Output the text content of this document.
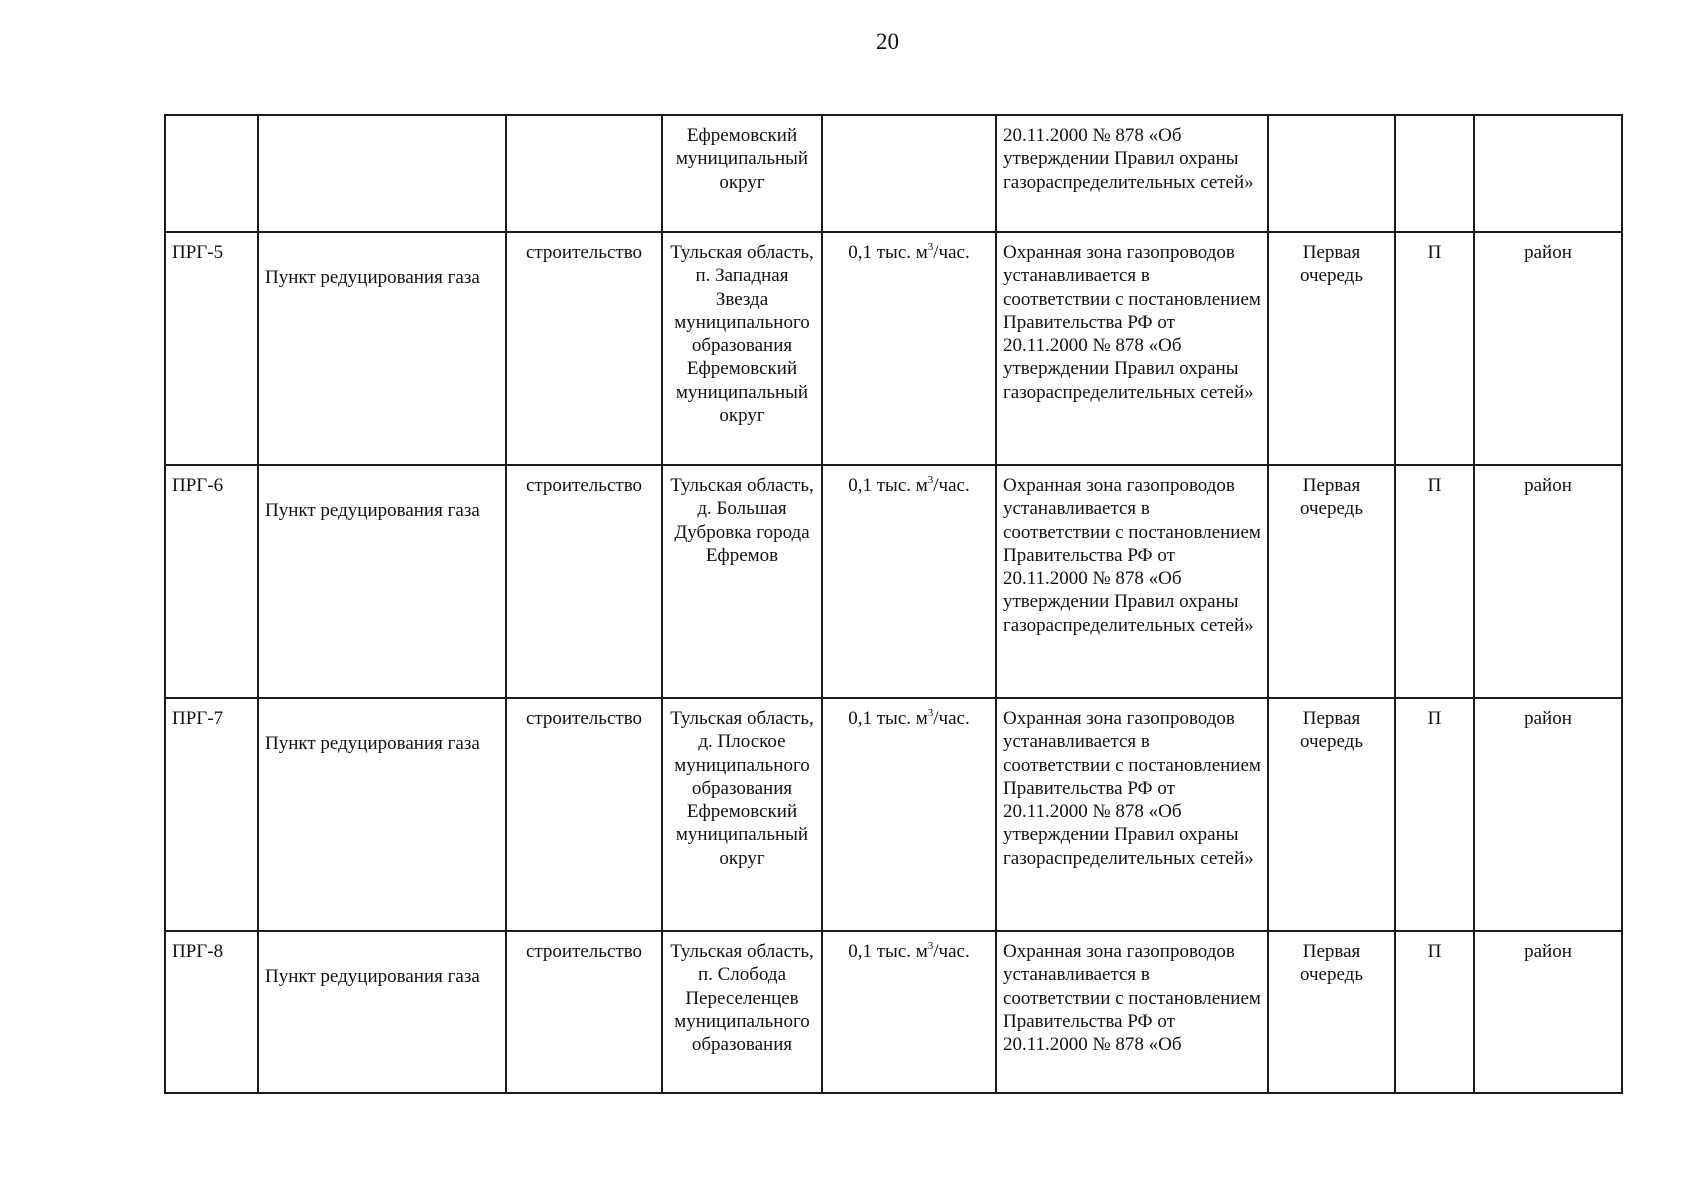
20
			Ефремовский муниципальный округ		20.11.2000 № 878 «Об утверждении Правил охраны газораспределительных сетей»			
ПРГ-5	Пункт редуцирования газа	строительство	Тульская область, п. Западная Звезда муниципального образования Ефремовский муниципальный округ	0,1 тыс. $м^3$/час.	Охранная зона газопроводов устанавливается в соответствии с постановлением Правительства РФ от 20.11.2000 № 878 «Об утверждении Правил охраны газораспределительных сетей»	Первая очередь	П	район
ПРГ-6	Пункт редуцирования газа	строительство	Тульская область, д. Большая Дубровка города Ефремов	0,1 тыс. $м^3$/час.	Охранная зона газопроводов устанавливается в соответствии с постановлением Правительства РФ от 20.11.2000 № 878 «Об утверждении Правил охраны газораспределительных сетей»	Первая очередь	П	район
ПРГ-7	Пункт редуцирования газа	строительство	Тульская область, д. Плоское муниципального образования Ефремовский муниципальный округ	0,1 тыс. $м^3$/час.	Охранная зона газопроводов устанавливается в соответствии с постановлением Правительства РФ от 20.11.2000 № 878 «Об утверждении Правил охраны газораспределительных сетей»	Первая очередь	П	район
ПРГ-8	Пункт редуцирования газа	строительство	Тульская область, п. Слобода Переселенцев муниципального образования	0,1 тыс. $м^3$/час.	Охранная зона газопроводов устанавливается в соответствии с постановлением Правительства РФ от 20.11.2000 № 878 «Об	Первая очередь	П	район
